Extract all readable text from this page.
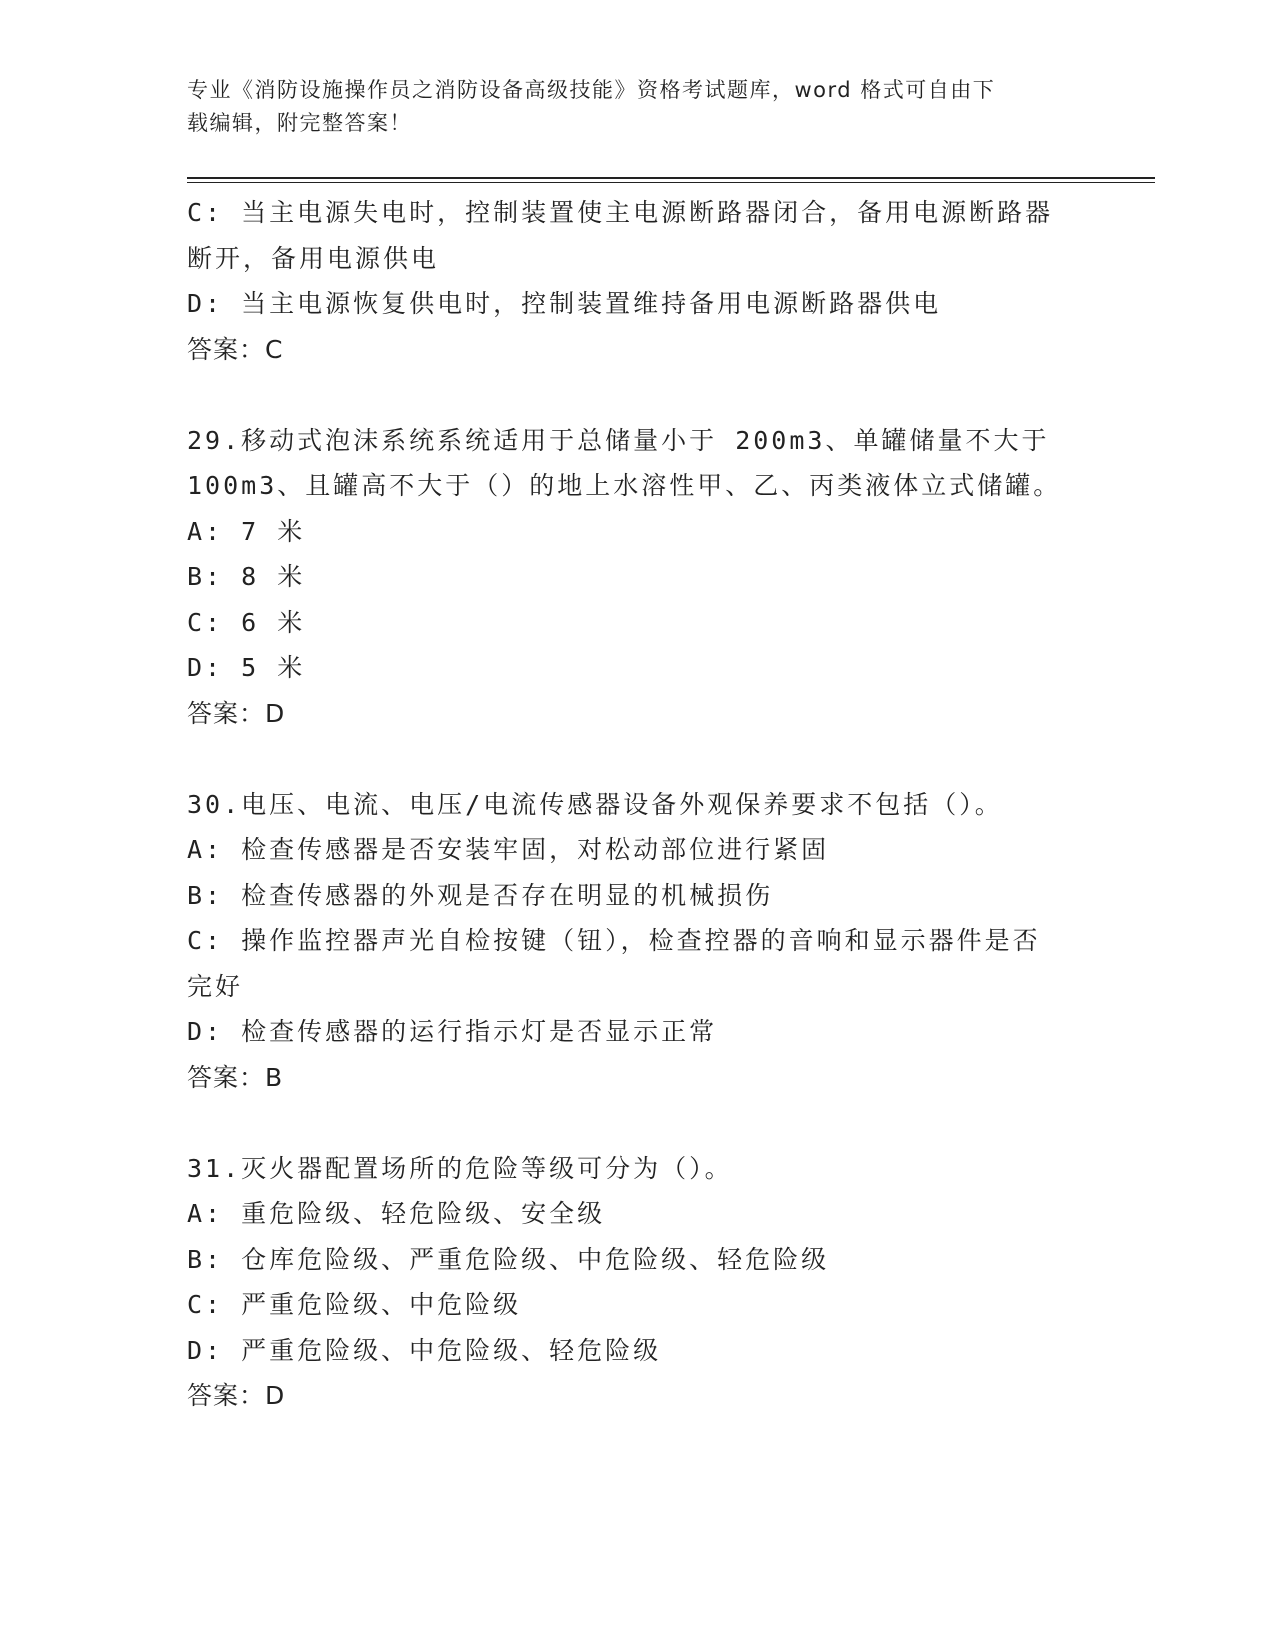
专业《消防设施操作员之消防设备高级技能》资格考试题库，word 格式可自由下
载编辑，附完整答案！
C: 当主电源失电时，控制装置使主电源断路器闭合，备用电源断路器
断开，备用电源供电
D: 当主电源恢复供电时，控制装置维持备用电源断路器供电
答案：C
29.移动式泡沫系统系统适用于总储量小于 200m3、单罐储量不大于
100m3、且罐高不大于（）的地上水溶性甲、乙、丙类液体立式储罐。
A: 7 米
B: 8 米
C: 6 米
D: 5 米
答案：D
30.电压、电流、电压/电流传感器设备外观保养要求不包括（）。
A: 检查传感器是否安装牢固，对松动部位进行紧固
B: 检查传感器的外观是否存在明显的机械损伤
C: 操作监控器声光自检按键（钮），检查控器的音响和显示器件是否
完好
D: 检查传感器的运行指示灯是否显示正常
答案：B
31.灭火器配置场所的危险等级可分为（）。
A: 重危险级、轻危险级、安全级
B: 仓库危险级、严重危险级、中危险级、轻危险级
C: 严重危险级、中危险级
D: 严重危险级、中危险级、轻危险级
答案：D
